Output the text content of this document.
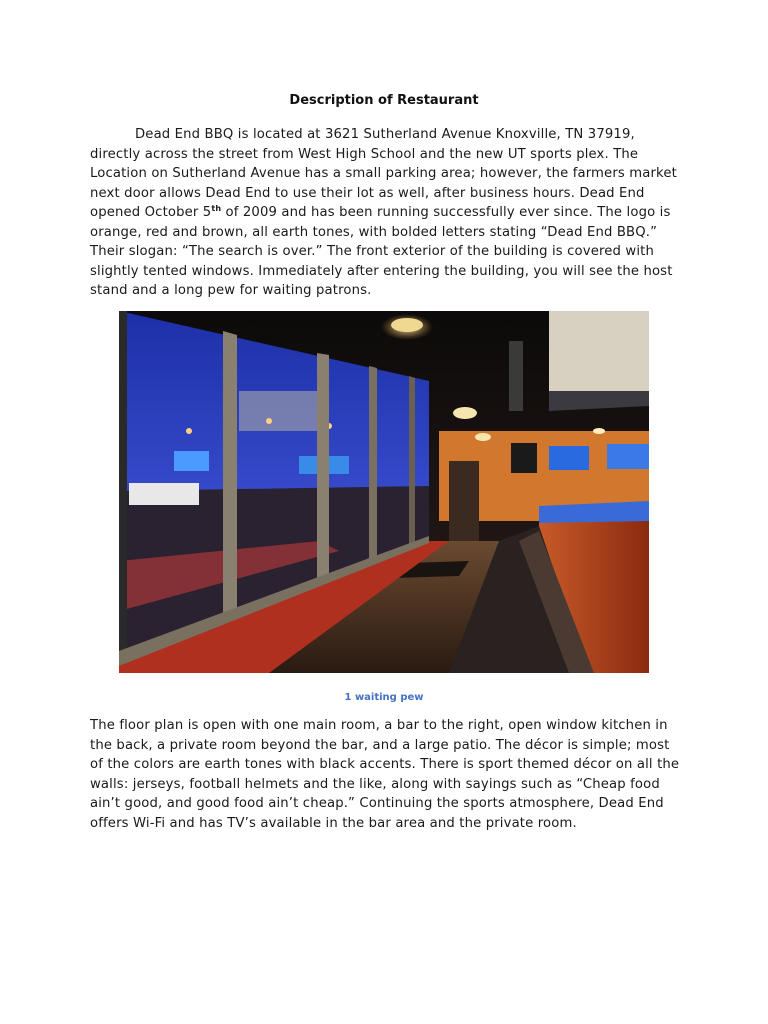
Description of Restaurant

Dead End BBQ is located at 3621 Sutherland Avenue Knoxville, TN 37919, directly across the street from West High School and the new UT sports plex. The Location on Sutherland Avenue has a small parking area; however, the farmers market next door allows Dead End to use their lot as well, after business hours. Dead End opened October 5th of 2009 and has been running successfully ever since. The logo is orange, red and brown, all earth tones, with bolded letters stating “Dead End BBQ.” Their slogan: “The search is over.” The front exterior of the building is covered with slightly tented windows. Immediately after entering the building, you will see the host stand and a long pew for waiting patrons.

1 waiting pew

The floor plan is open with one main room, a bar to the right, open window kitchen in the back, a private room beyond the bar, and a large patio. The décor is simple; most of the colors are earth tones with black accents. There is sport themed décor on all the walls: jerseys, football helmets and the like, along with sayings such as “Cheap food ain’t good, and good food ain’t cheap.” Continuing the sports atmosphere, Dead End offers Wi-Fi and has TV’s available in the bar area and the private room.
